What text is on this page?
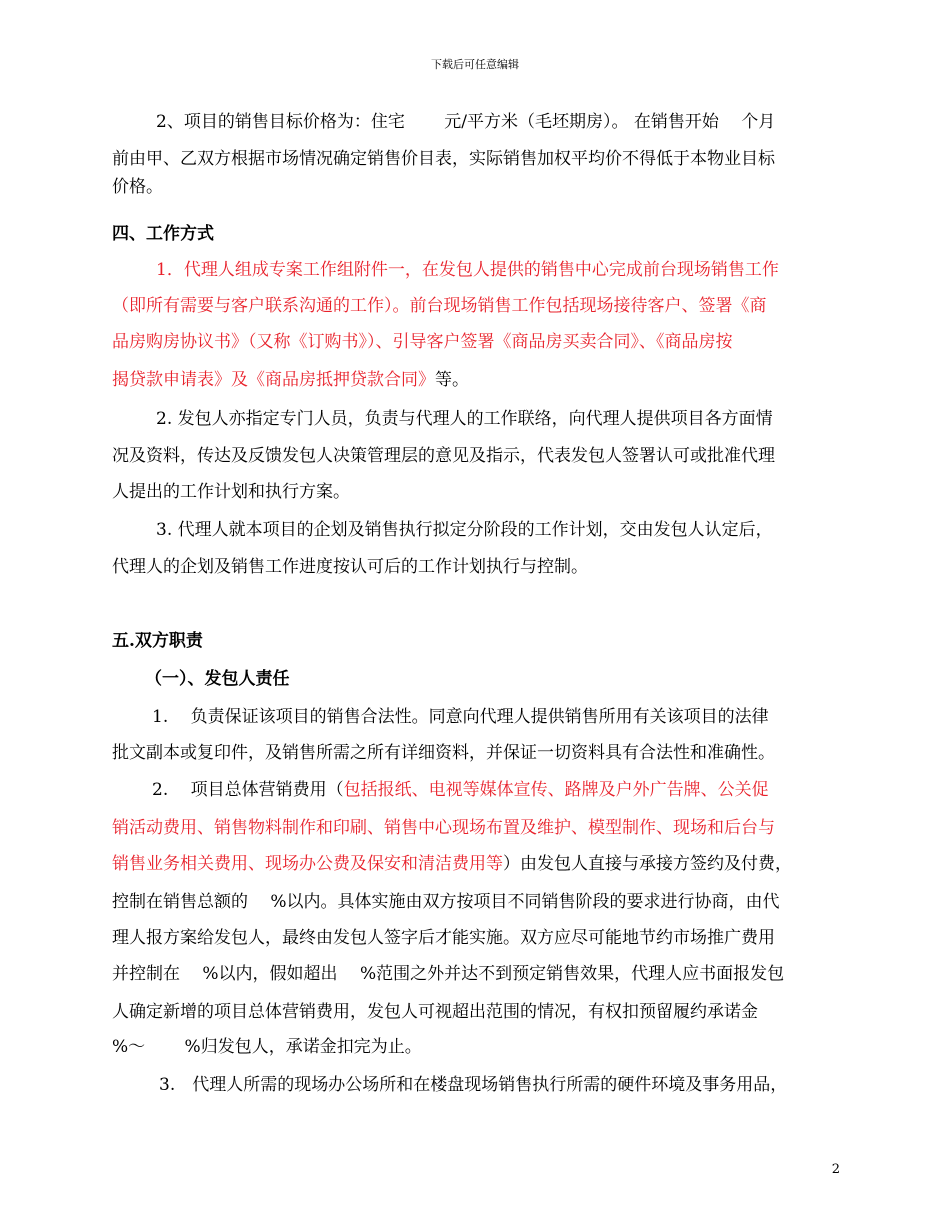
下载后可任意编辑
2、项目的销售目标价格为：住宅　　 元/平方米（毛坯期房）。 在销售开始　 个月
前由甲、乙双方根据市场情况确定销售价目表，实际销售加权平均价不得低于本物业目标
价格。
四、工作方式
1．代理人组成专案工作组附件一，在发包人提供的销售中心完成前台现场销售工作
（即所有需要与客户联系沟通的工作）。前台现场销售工作包括现场接待客户、签署《商
品房购房协议书》（又称《订购书》）、引导客户签署《商品房买卖合同》、《商品房按
揭贷款申请表》及《商品房抵押贷款合同》等。
2. 发包人亦指定专门人员，负责与代理人的工作联络，向代理人提供项目各方面情
况及资料，传达及反馈发包人决策管理层的意见及指示，代表发包人签署认可或批准代理
人提出的工作计划和执行方案。
3. 代理人就本项目的企划及销售执行拟定分阶段的工作计划，交由发包人认定后，
代理人的企划及销售工作进度按认可后的工作计划执行与控制。
五.双方职责
（一）、发包人责任
1.　 负责保证该项目的销售合法性。同意向代理人提供销售所用有关该项目的法律
批文副本或复印件，及销售所需之所有详细资料，并保证一切资料具有合法性和准确性。
2.　 项目总体营销费用（包括报纸、电视等媒体宣传、路牌及户外广告牌、公关促
销活动费用、销售物料制作和印刷、销售中心现场布置及维护、模型制作、现场和后台与
销售业务相关费用、现场办公费及保安和清洁费用等）由发包人直接与承接方签约及付费，
控制在销售总额的　 %以内。具体实施由双方按项目不同销售阶段的要求进行协商，由代
理人报方案给发包人，最终由发包人签字后才能实施。双方应尽可能地节约市场推广费用
并控制在　 %以内，假如超出　 %范围之外并达不到预定销售效果，代理人应书面报发包
人确定新增的项目总体营销费用，发包人可视超出范围的情况，有权扣预留履约承诺金
%～　　 %归发包人，承诺金扣完为止。
3.　代理人所需的现场办公场所和在楼盘现场销售执行所需的硬件环境及事务用品，
2
